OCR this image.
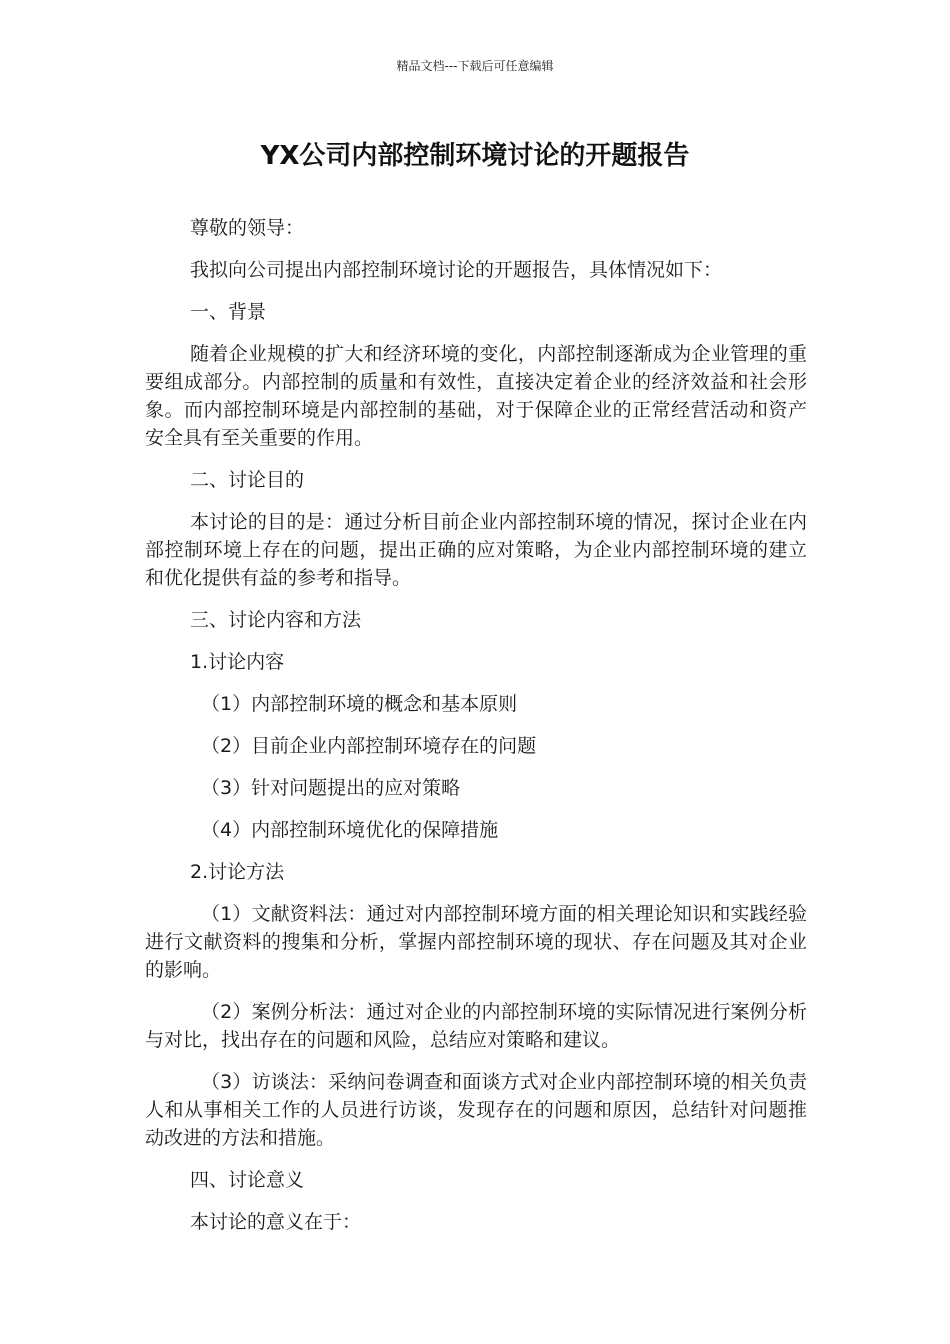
精品文档---下载后可任意编辑
YX公司内部控制环境讨论的开题报告

尊敬的领导：

我拟向公司提出内部控制环境讨论的开题报告，具体情况如下：

一、背景

随着企业规模的扩大和经济环境的变化，内部控制逐渐成为企业管理的重要组成部分。内部控制的质量和有效性，直接决定着企业的经济效益和社会形象。而内部控制环境是内部控制的基础，对于保障企业的正常经营活动和资产安全具有至关重要的作用。

二、讨论目的

本讨论的目的是：通过分析目前企业内部控制环境的情况，探讨企业在内部控制环境上存在的问题，提出正确的应对策略，为企业内部控制环境的建立和优化提供有益的参考和指导。

三、讨论内容和方法

1.讨论内容

（1）内部控制环境的概念和基本原则

（2）目前企业内部控制环境存在的问题

（3）针对问题提出的应对策略

（4）内部控制环境优化的保障措施

2.讨论方法

（1）文献资料法：通过对内部控制环境方面的相关理论知识和实践经验进行文献资料的搜集和分析，掌握内部控制环境的现状、存在问题及其对企业的影响。

（2）案例分析法：通过对企业的内部控制环境的实际情况进行案例分析与对比，找出存在的问题和风险，总结应对策略和建议。

（3）访谈法：采纳问卷调查和面谈方式对企业内部控制环境的相关负责人和从事相关工作的人员进行访谈，发现存在的问题和原因，总结针对问题推动改进的方法和措施。

四、讨论意义

本讨论的意义在于：
